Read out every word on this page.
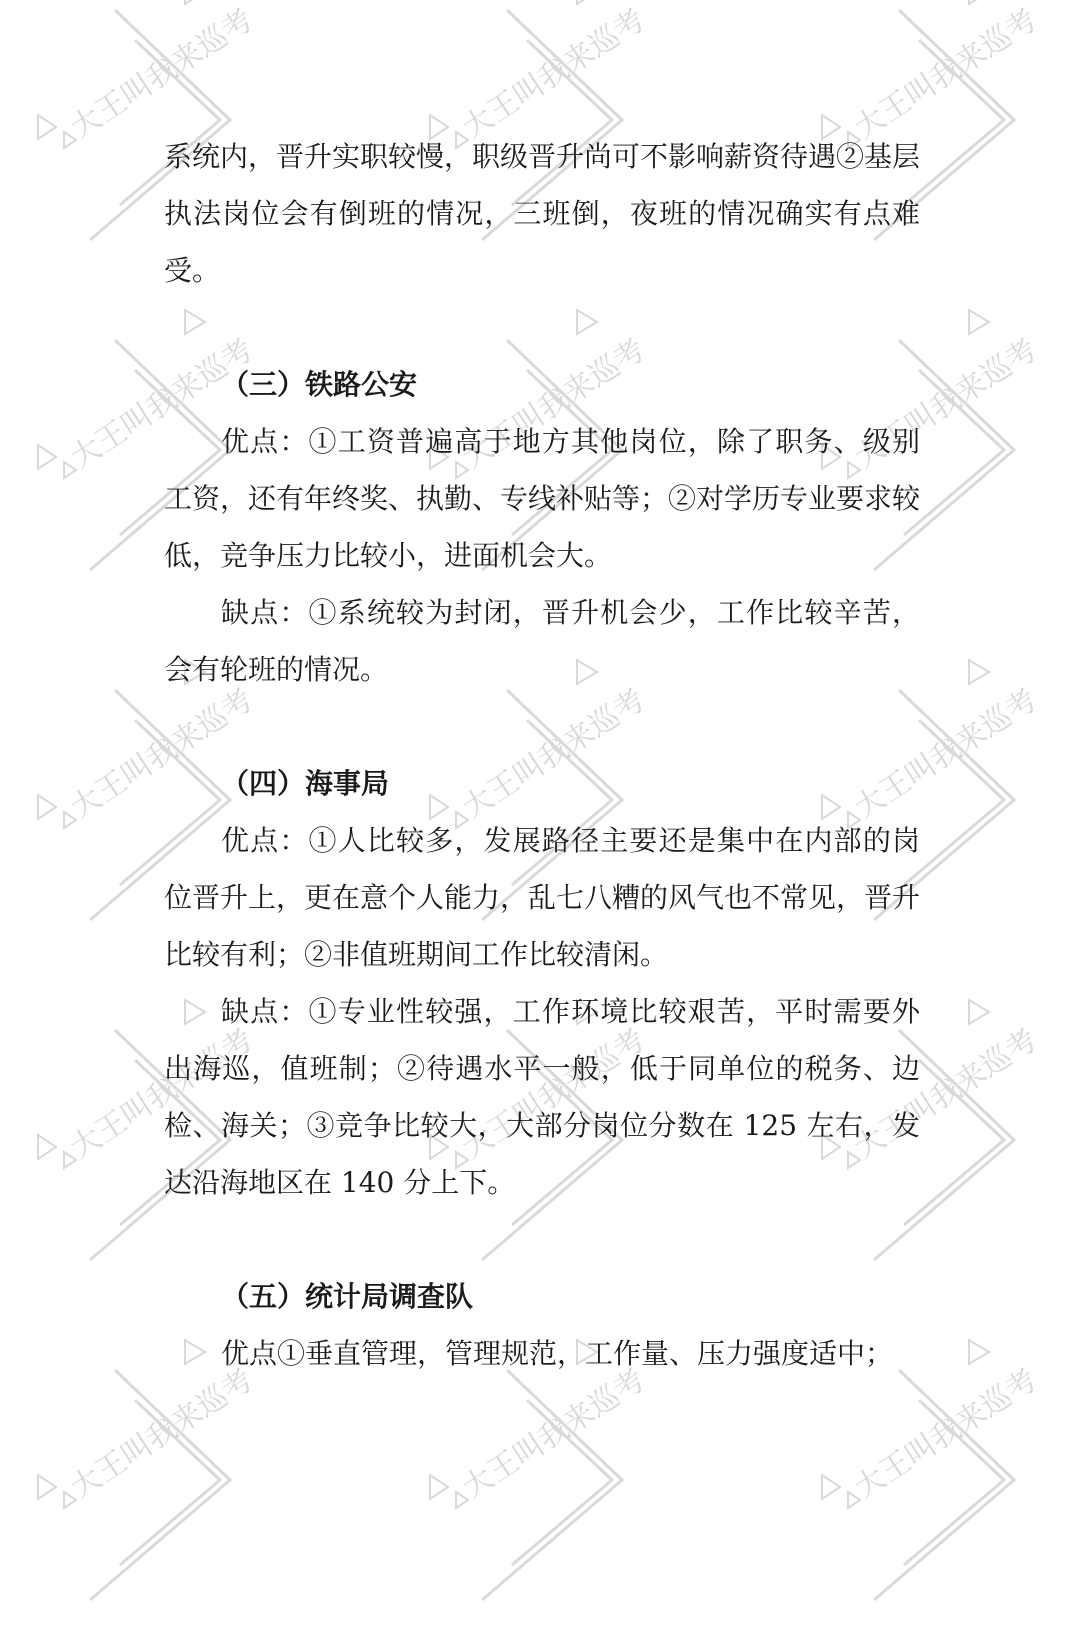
大王叫我来巡考	大王叫我来巡考	大王叫我来巡考
大王叫我来巡考	大王叫我来巡考	大王叫我来巡考
大王叫我来巡考	大王叫我来巡考	大王叫我来巡考
大王叫我来巡考	大王叫我来巡考	大王叫我来巡考
大王叫我来巡考	大王叫我来巡考	大王叫我来巡考

系统内，晋升实职较慢，职级晋升尚可不影响薪资待遇②基层执法岗位会有倒班的情况，三班倒，夜班的情况确实有点难受。

（三）铁路公安

优点：①工资普遍高于地方其他岗位，除了职务、级别工资，还有年终奖、执勤、专线补贴等；②对学历专业要求较低，竞争压力比较小，进面机会大。

缺点：①系统较为封闭，晋升机会少，工作比较辛苦，会有轮班的情况。

（四）海事局

优点：①人比较多，发展路径主要还是集中在内部的岗位晋升上，更在意个人能力，乱七八糟的风气也不常见，晋升比较有利；②非值班期间工作比较清闲。

缺点：①专业性较强，工作环境比较艰苦，平时需要外出海巡，值班制；②待遇水平一般，低于同单位的税务、边检、海关；③竞争比较大，大部分岗位分数在 125 左右，发达沿海地区在 140 分上下。

（五）统计局调查队

优点①垂直管理，管理规范，工作量、压力强度适中；
